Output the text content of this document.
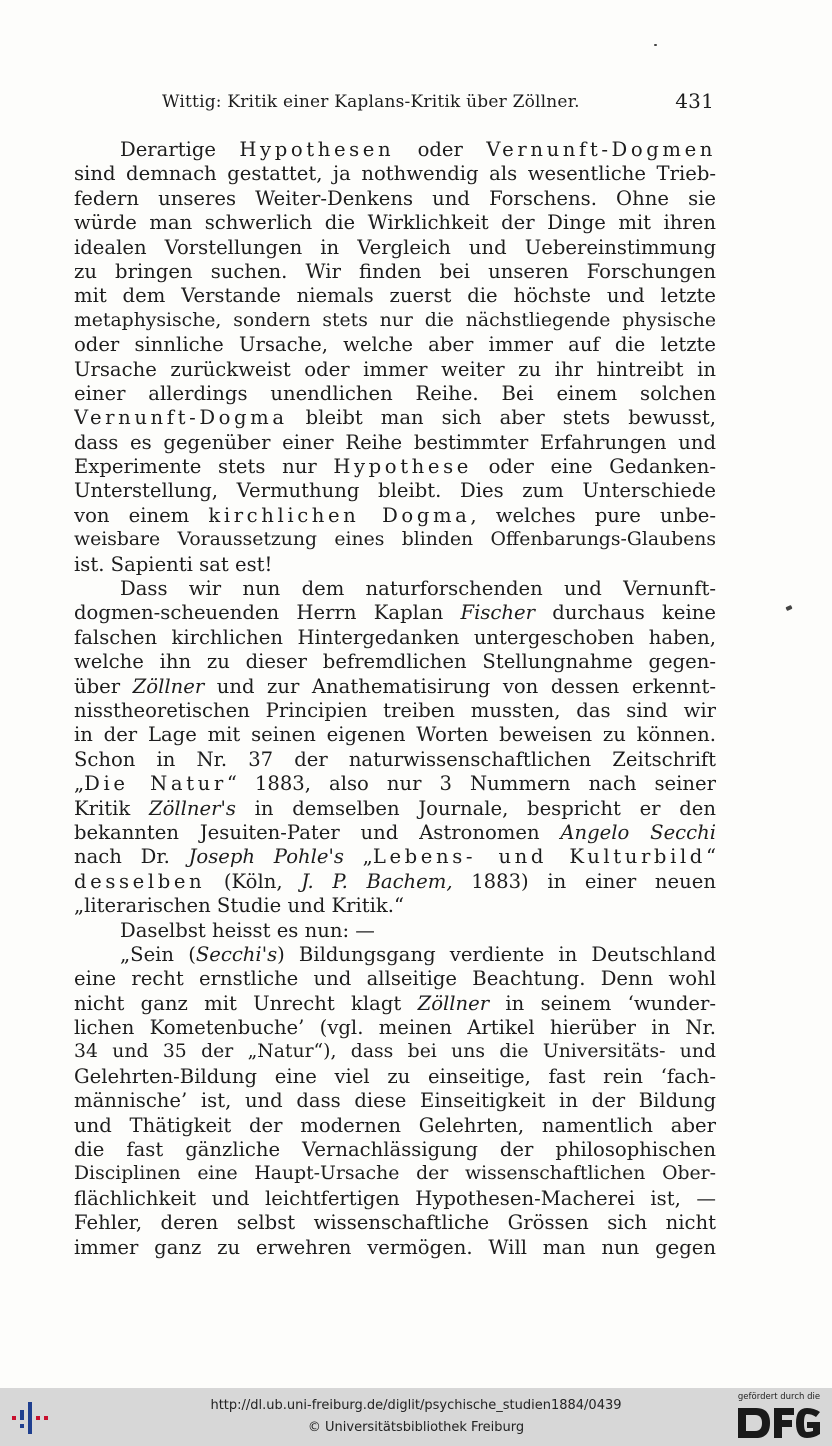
Wittig: Kritik einer Kaplans-Kritik über Zöllner.	431
Derartige Hypothesen oder Vernunft-Dogmen
sind demnach gestattet, ja nothwendig als wesentliche Trieb-
federn unseres Weiter-Denkens und Forschens. Ohne sie
würde man schwerlich die Wirklichkeit der Dinge mit ihren
idealen Vorstellungen in Vergleich und Uebereinstimmung
zu bringen suchen. Wir finden bei unseren Forschungen
mit dem Verstande niemals zuerst die höchste und letzte
metaphysische, sondern stets nur die nächstliegende physische
oder sinnliche Ursache, welche aber immer auf die letzte
Ursache zurückweist oder immer weiter zu ihr hintreibt in
einer allerdings unendlichen Reihe. Bei einem solchen
Vernunft-Dogma bleibt man sich aber stets bewusst,
dass es gegenüber einer Reihe bestimmter Erfahrungen und
Experimente stets nur Hypothese oder eine Gedanken-
Unterstellung, Vermuthung bleibt. Dies zum Unterschiede
von einem kirchlichen Dogma, welches pure unbe-
weisbare Voraussetzung eines blinden Offenbarungs-Glaubens
ist. Sapienti sat est!
Dass wir nun dem naturforschenden und Vernunft-
dogmen-scheuenden Herrn Kaplan Fischer durchaus keine
falschen kirchlichen Hintergedanken untergeschoben haben,
welche ihn zu dieser befremdlichen Stellungnahme gegen-
über Zöllner und zur Anathematisirung von dessen erkennt-
nisstheoretischen Principien treiben mussten, das sind wir
in der Lage mit seinen eigenen Worten beweisen zu können.
Schon in Nr. 37 der naturwissenschaftlichen Zeitschrift
„Die Natur“ 1883, also nur 3 Nummern nach seiner
Kritik Zöllner's in demselben Journale, bespricht er den
bekannten Jesuiten-Pater und Astronomen Angelo Secchi
nach Dr. Joseph Pohle's „Lebens- und Kulturbild“
desselben (Köln, J. P. Bachem, 1883) in einer neuen
„literarischen Studie und Kritik.“
Daselbst heisst es nun: —
„Sein (Secchi's) Bildungsgang verdiente in Deutschland
eine recht ernstliche und allseitige Beachtung. Denn wohl
nicht ganz mit Unrecht klagt Zöllner in seinem ‘wunder-
lichen Kometenbuche’ (vgl. meinen Artikel hierüber in Nr.
34 und 35 der „Natur“), dass bei uns die Universitäts- und
Gelehrten-Bildung eine viel zu einseitige, fast rein ‘fach-
männische’ ist, und dass diese Einseitigkeit in der Bildung
und Thätigkeit der modernen Gelehrten, namentlich aber
die fast gänzliche Vernachlässigung der philosophischen
Disciplinen eine Haupt-Ursache der wissenschaftlichen Ober-
flächlichkeit und leichtfertigen Hypothesen-Macherei ist, —
Fehler, deren selbst wissenschaftliche Grössen sich nicht
immer ganz zu erwehren vermögen. Will man nun gegen
http://dl.ub.uni-freiburg.de/diglit/psychische_studien1884/0439
© Universitätsbibliothek Freiburg
gefördert durch die
